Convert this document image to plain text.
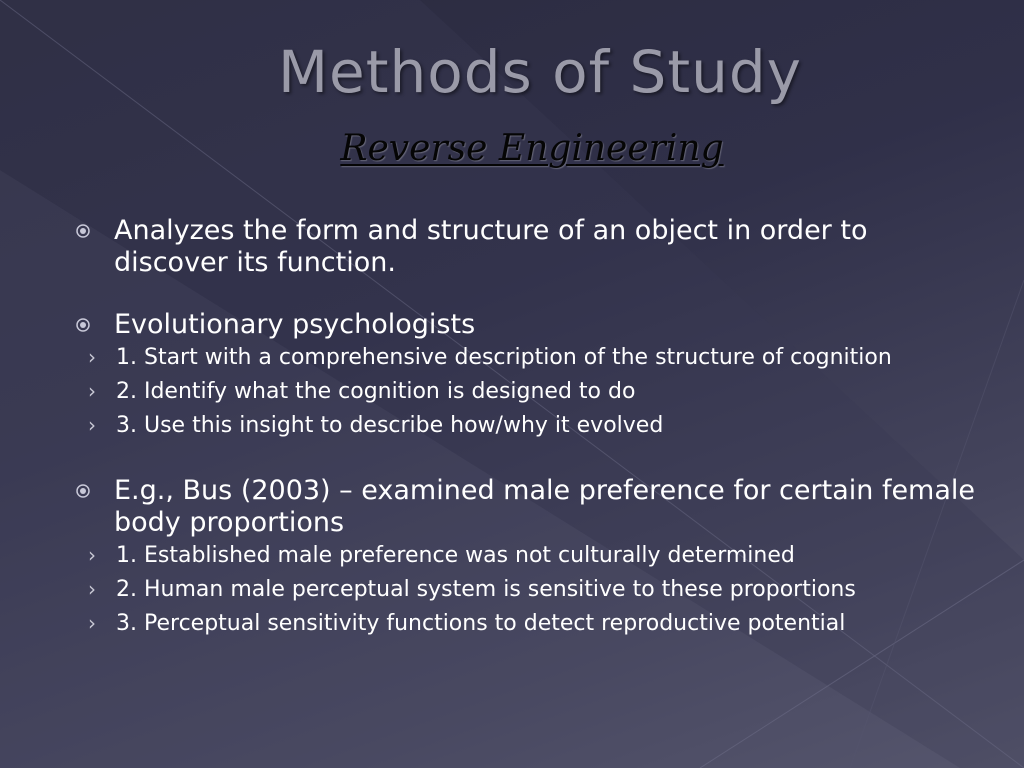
Methods of Study
Reverse Engineering
Analyzes the form and structure of an object in order to discover its function.
Evolutionary psychologists
› 1. Start with a comprehensive description of the structure of cognition
› 2. Identify what the cognition is designed to do
› 3. Use this insight to describe how/why it evolved
E.g., Bus (2003) – examined male preference for certain female body proportions
› 1. Established male preference was not culturally determined
› 2. Human male perceptual system is sensitive to these proportions
› 3. Perceptual sensitivity functions to detect reproductive potential
